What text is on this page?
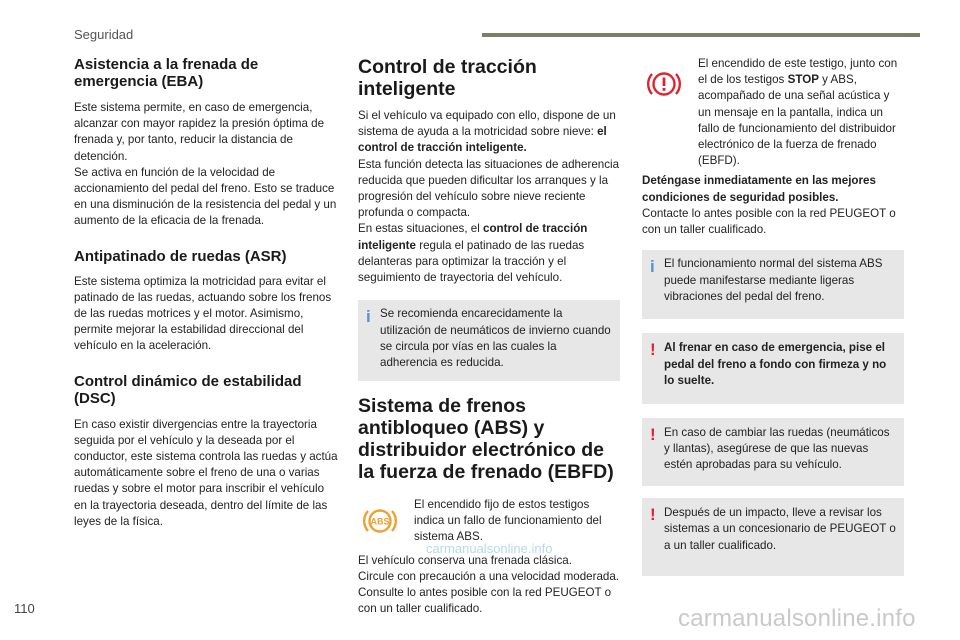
Seguridad
Asistencia a la frenada de emergencia (EBA)

Este sistema permite, en caso de emergencia, alcanzar con mayor rapidez la presión óptima de frenada y, por tanto, reducir la distancia de detención.

Se activa en función de la velocidad de accionamiento del pedal del freno. Esto se traduce en una disminución de la resistencia del pedal y un aumento de la eficacia de la frenada.

Antipatinado de ruedas (ASR)

Este sistema optimiza la motricidad para evitar el patinado de las ruedas, actuando sobre los frenos de las ruedas motrices y el motor. Asimismo, permite mejorar la estabilidad direccional del vehículo en la aceleración.

Control dinámico de estabilidad (DSC)

En caso existir divergencias entre la trayectoria seguida por el vehículo y la deseada por el conductor, este sistema controla las ruedas y actúa automáticamente sobre el freno de una o varias ruedas y sobre el motor para inscribir el vehículo en la trayectoria deseada, dentro del límite de las leyes de la física.

Control de tracción inteligente

Si el vehículo va equipado con ello, dispone de un sistema de ayuda a la motricidad sobre nieve: el control de tracción inteligente.

Esta función detecta las situaciones de adherencia reducida que pueden dificultar los arranques y la progresión del vehículo sobre nieve reciente profunda o compacta.

En estas situaciones, el control de tracción inteligente regula el patinado de las ruedas delanteras para optimizar la tracción y el seguimiento de trayectoria del vehículo.

i Se recomienda encarecidamente la utilización de neumáticos de invierno cuando se circula por vías en las cuales la adherencia es reducida.

Sistema de frenos antibloqueo (ABS) y distribuidor electrónico de la fuerza de frenado (EBFD)
ABS

El encendido fijo de estos testigos indica un fallo de funcionamiento del sistema ABS.

El vehículo conserva una frenada clásica.

Circule con precaución a una velocidad moderada.

Consulte lo antes posible con la red PEUGEOT o con un taller cualificado.

El encendido de este testigo, junto con el de los testigos STOP y ABS, acompañado de una señal acústica y un mensaje en la pantalla, indica un fallo de funcionamiento del distribuidor electrónico de la fuerza de frenado (EBFD).

Deténgase inmediatamente en las mejores condiciones de seguridad posibles.

Contacte lo antes posible con la red PEUGEOT o con un taller cualificado.

i El funcionamiento normal del sistema ABS puede manifestarse mediante ligeras vibraciones del pedal del freno.

! Al frenar en caso de emergencia, pise el pedal del freno a fondo con firmeza y no lo suelte.

! En caso de cambiar las ruedas (neumáticos y llantas), asegúrese de que las nuevas estén aprobadas para su vehículo.

! Después de un impacto, lleve a revisar los sistemas a un concesionario de PEUGEOT o a un taller cualificado.

carmanualsonline.info
110	carmanualsonline.info
